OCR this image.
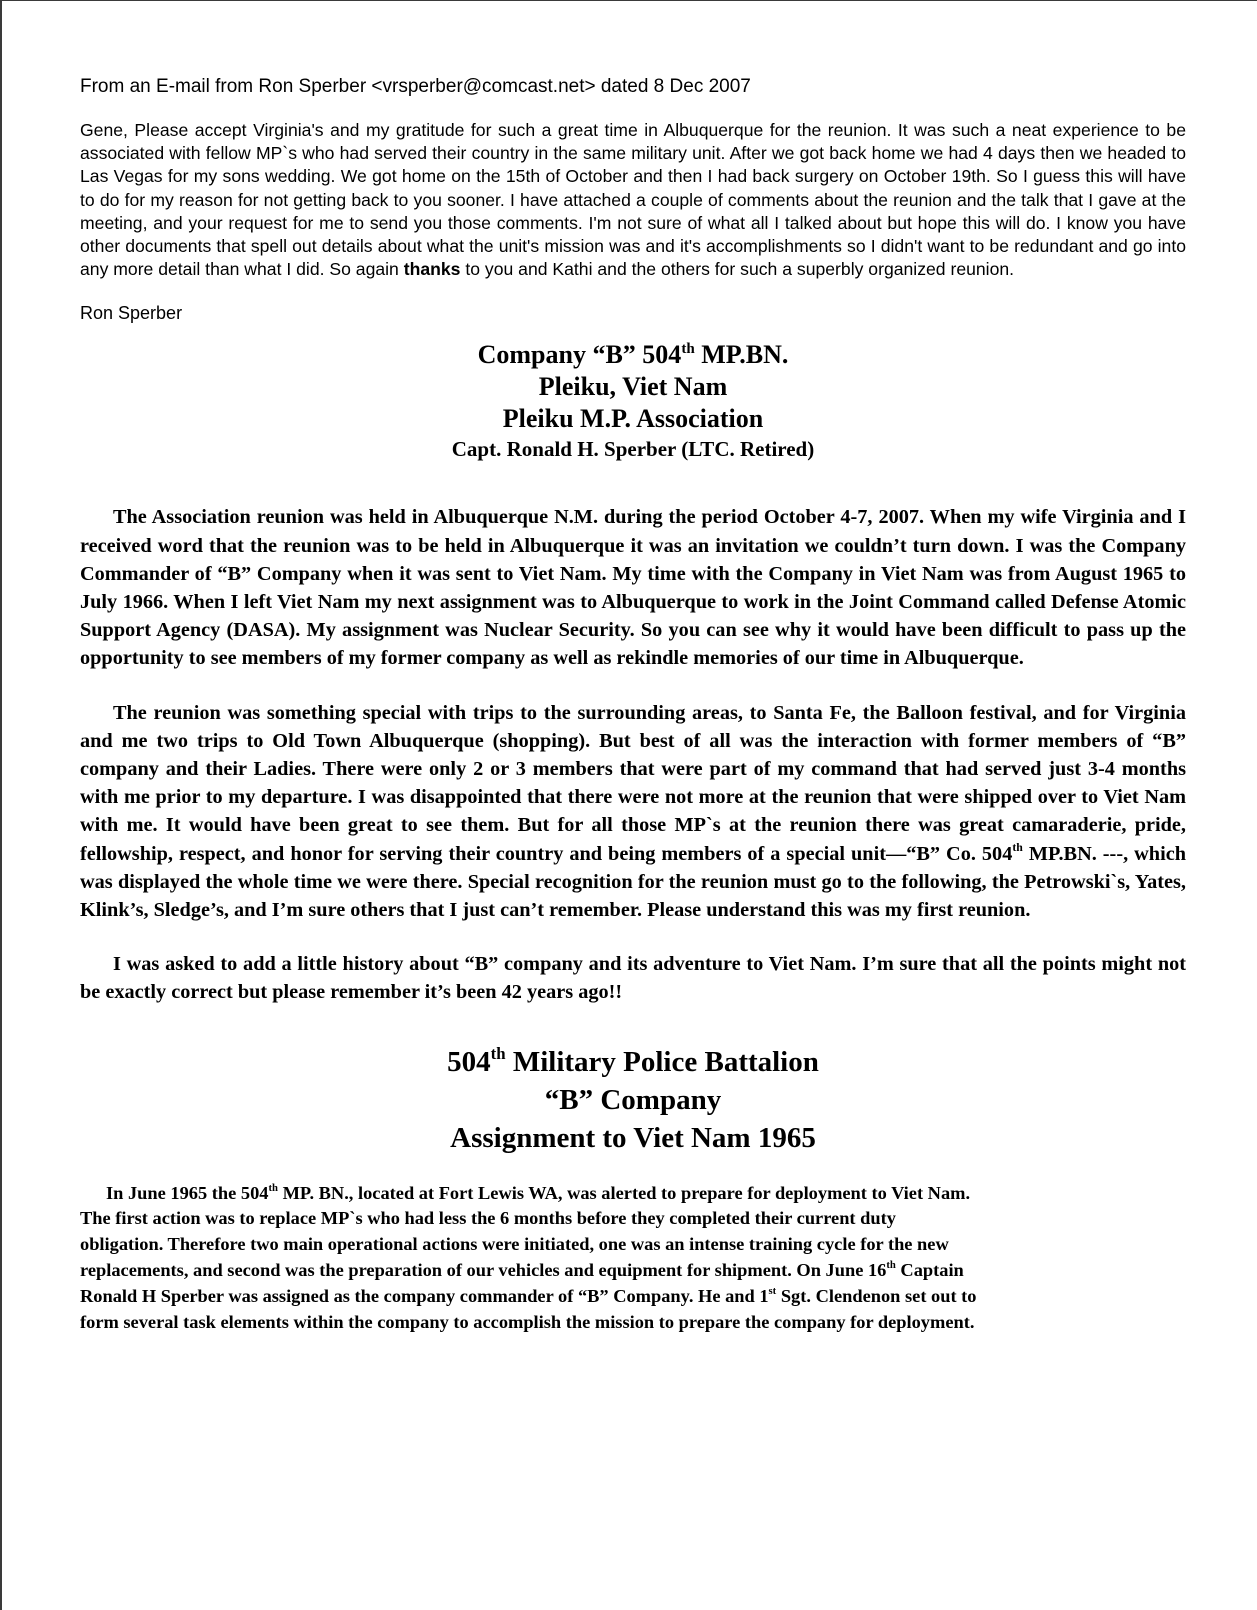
From an E-mail from Ron Sperber <vrsperber@comcast.net> dated 8 Dec 2007

Gene, Please accept Virginia's and my gratitude for such a great time in Albuquerque for the reunion. It was such a neat experience to be associated with fellow MP`s who had served their country in the same military unit. After we got back home we had 4 days then we headed to Las Vegas for my sons wedding. We got home on the 15th of October and then I had back surgery on October 19th. So I guess this will have to do for my reason for not getting back to you sooner. I have attached a couple of comments about the reunion and the talk that I gave at the meeting, and your request for me to send you those comments. I'm not sure of what all I talked about but hope this will do. I know you have other documents that spell out details about what the unit's mission was and it's accomplishments so I didn't want to be redundant and go into any more detail than what I did. So again thanks to you and Kathi and the others for such a superbly organized reunion.

Ron Sperber

Company “B” 504th MP.BN.
Pleiku, Viet Nam
Pleiku M.P. Association
Capt. Ronald H. Sperber (LTC. Retired)

The Association reunion was held in Albuquerque N.M. during the period October 4-7, 2007. When my wife Virginia and I received word that the reunion was to be held in Albuquerque it was an invitation we couldn’t turn down. I was the Company Commander of “B” Company when it was sent to Viet Nam. My time with the Company in Viet Nam was from August 1965 to July 1966. When I left Viet Nam my next assignment was to Albuquerque to work in the Joint Command called Defense Atomic Support Agency (DASA). My assignment was Nuclear Security. So you can see why it would have been difficult to pass up the opportunity to see members of my former company as well as rekindle memories of our time in Albuquerque.

The reunion was something special with trips to the surrounding areas, to Santa Fe, the Balloon festival, and for Virginia and me two trips to Old Town Albuquerque (shopping). But best of all was the interaction with former members of “B” company and their Ladies. There were only 2 or 3 members that were part of my command that had served just 3-4 months with me prior to my departure. I was disappointed that there were not more at the reunion that were shipped over to Viet Nam with me. It would have been great to see them. But for all those MP`s at the reunion there was great camaraderie, pride, fellowship, respect, and honor for serving their country and being members of a special unit—“B” Co. 504th MP.BN. ---, which was displayed the whole time we were there. Special recognition for the reunion must go to the following, the Petrowski`s, Yates, Klink’s, Sledge’s, and I’m sure others that I just can’t remember. Please understand this was my first reunion.

I was asked to add a little history about “B” company and its adventure to Viet Nam. I’m sure that all the points might not be exactly correct but please remember it’s been 42 years ago!!

504th Military Police Battalion
“B” Company
Assignment to Viet Nam 1965
In June 1965 the 504th MP. BN., located at Fort Lewis WA, was alerted to prepare for deployment to Viet Nam.
The first action was to replace MP`s who had less the 6 months before they completed their current duty
obligation. Therefore two main operational actions were initiated, one was an intense training cycle for the new
replacements, and second was the preparation of our vehicles and equipment for shipment. On June 16th Captain
Ronald H Sperber was assigned as the company commander of “B” Company. He and 1st Sgt. Clendenon set out to
form several task elements within the company to accomplish the mission to prepare the company for deployment.
